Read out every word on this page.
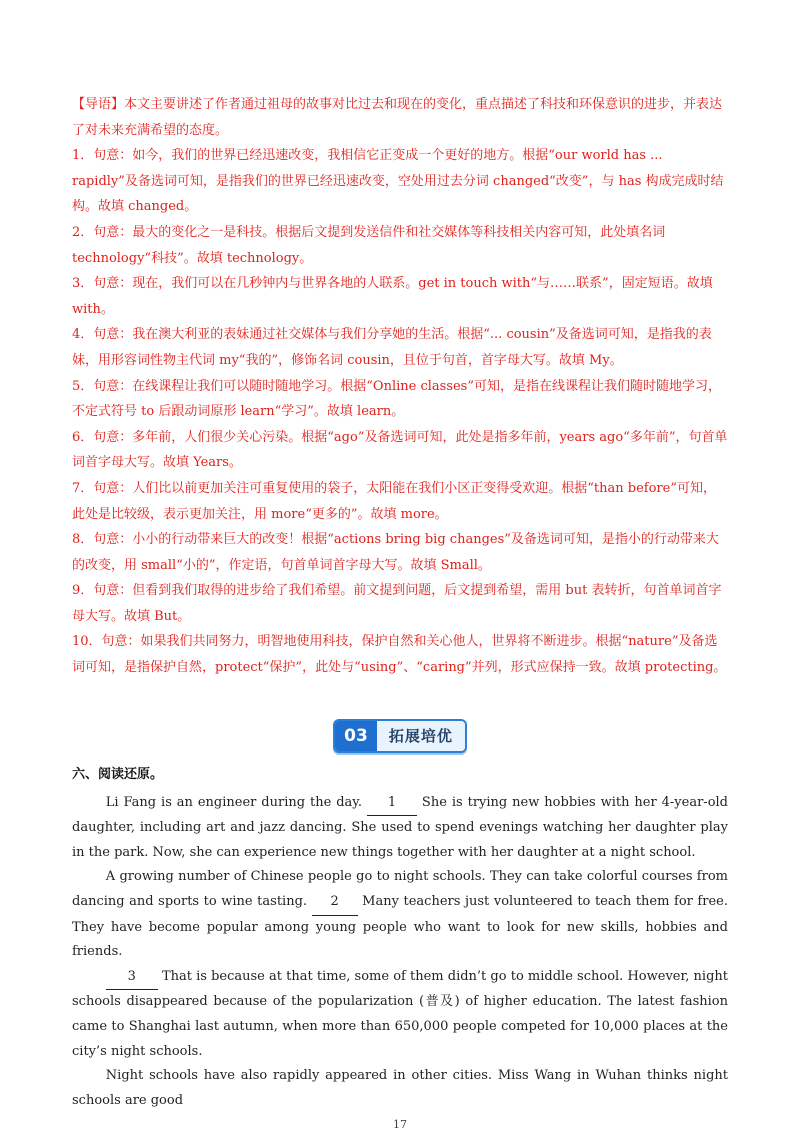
【导语】本文主要讲述了作者通过祖母的故事对比过去和现在的变化，重点描述了科技和环保意识的进步，并表达了对未来充满希望的态度。

1．句意：如今，我们的世界已经迅速改变，我相信它正变成一个更好的地方。根据“our world has ... rapidly”及备选词可知，是指我们的世界已经迅速改变，空处用过去分词 changed“改变”，与 has 构成完成时结构。故填 changed。

2．句意：最大的变化之一是科技。根据后文提到发送信件和社交媒体等科技相关内容可知，此处填名词 technology“科技”。故填 technology。

3．句意：现在，我们可以在几秒钟内与世界各地的人联系。get in touch with“与……联系”，固定短语。故填 with。

4．句意：我在澳大利亚的表妹通过社交媒体与我们分享她的生活。根据“... cousin”及备选词可知，是指我的表妹，用形容词性物主代词 my“我的”，修饰名词 cousin，且位于句首，首字母大写。故填 My。

5．句意：在线课程让我们可以随时随地学习。根据“Online classes”可知，是指在线课程让我们随时随地学习，不定式符号 to 后跟动词原形 learn“学习”。故填 learn。

6．句意：多年前，人们很少关心污染。根据“ago”及备选词可知，此处是指多年前，years ago“多年前”，句首单词首字母大写。故填 Years。

7．句意：人们比以前更加关注可重复使用的袋子，太阳能在我们小区正变得受欢迎。根据“than before”可知，此处是比较级，表示更加关注，用 more“更多的”。故填 more。

8．句意：小小的行动带来巨大的改变！根据“actions bring big changes”及备选词可知，是指小的行动带来大的改变，用 small“小的”，作定语，句首单词首字母大写。故填 Small。

9．句意：但看到我们取得的进步给了我们希望。前文提到问题，后文提到希望，需用 but 表转折，句首单词首字母大写。故填 But。

10．句意：如果我们共同努力，明智地使用科技，保护自然和关心他人，世界将不断进步。根据“nature”及备选词可知，是指保护自然，protect“保护”，此处与“using”、“caring”并列，形式应保持一致。故填 protecting。

03	拓展培优
六、阅读还原。

Li Fang is an engineer during the day. 1 She is trying new hobbies with her 4-year-old daughter, including art and jazz dancing. She used to spend evenings watching her daughter play in the park. Now, she can experience new things together with her daughter at a night school.

A growing number of Chinese people go to night schools. They can take colorful courses from dancing and sports to wine tasting. 2 Many teachers just volunteered to teach them for free. They have become popular among young people who want to look for new skills, hobbies and friends.

3 That is because at that time, some of them didn’t go to middle school. However, night schools disappeared because of the popularization (普及) of higher education. The latest fashion came to Shanghai last autumn, when more than 650,000 people competed for 10,000 places at the city’s night schools.

Night schools have also rapidly appeared in other cities. Miss Wang in Wuhan thinks night schools are good

17
